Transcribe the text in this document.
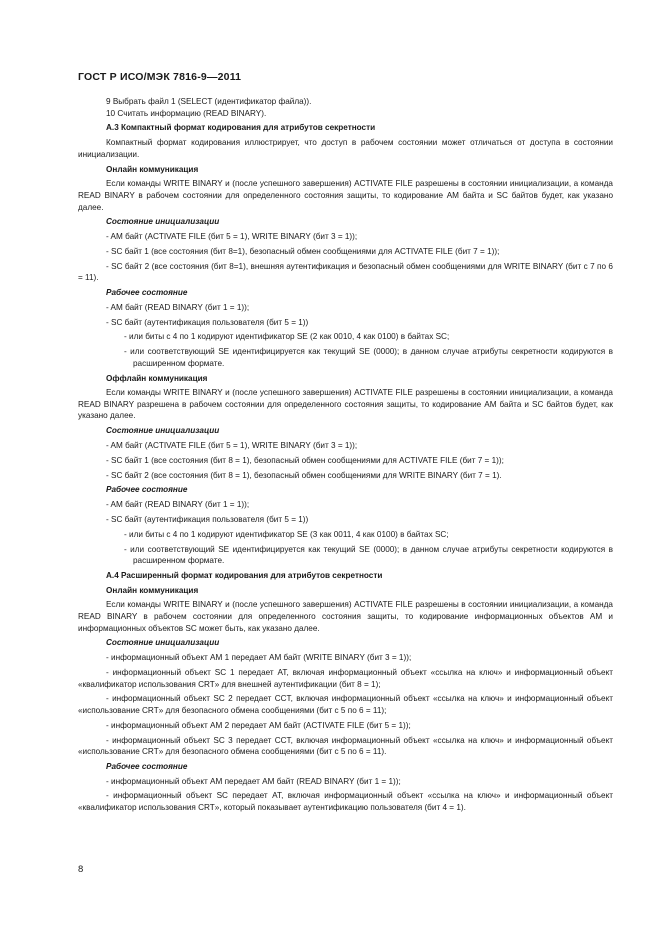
ГОСТ Р ИСО/МЭК 7816-9—2011

9 Выбрать файл 1 (SELECT (идентификатор файла)).

10 Считать информацию (READ BINARY).

А.3 Компактный формат кодирования для атрибутов секретности

Компактный формат кодирования иллюстрирует, что доступ в рабочем состоянии может отличаться от доступа в состоянии инициализации.

Онлайн коммуникация

Если команды WRITE BINARY и (после успешного завершения) ACTIVATE FILE разрешены в состоянии инициализации, а команда READ BINARY в рабочем состоянии для определенного состояния защиты, то кодирование AM байта и SC байтов будет, как указано далее.

Состояние инициализации

- AM байт (ACTIVATE FILE (бит 5 = 1), WRITE BINARY (бит 3 = 1));

- SC байт 1 (все состояния (бит 8=1), безопасный обмен сообщениями для ACTIVATE FILE (бит 7 = 1));

- SC байт 2 (все состояния (бит 8=1), внешняя аутентификация и безопасный обмен сообщениями для WRITE BINARY (бит с 7 по 6 = 11).

Рабочее состояние

- AM байт (READ BINARY (бит 1 = 1));

- SC байт (аутентификация пользователя (бит 5 = 1))

- или биты с 4 по 1 кодируют идентификатор SE (2 как 0010, 4 как 0100) в байтах SC;

- или соответствующий SE идентифицируется как текущий SE (0000); в данном случае атрибуты секретности кодируются в расширенном формате.

Оффлайн коммуникация

Если команды WRITE BINARY и (после успешного завершения) ACTIVATE FILE разрешены в состоянии инициализации, а команда READ BINARY разрешена в рабочем состоянии для определенного состояния защиты, то кодирование AM байта и SC байтов будет, как указано далее.

Состояние инициализации

- AM байт (ACTIVATE FILE (бит 5 = 1), WRITE BINARY (бит 3 = 1));

- SC байт 1 (все состояния (бит 8 = 1), безопасный обмен сообщениями для ACTIVATE FILE (бит 7 = 1));

- SC байт 2 (все состояния (бит 8 = 1), безопасный обмен сообщениями для WRITE BINARY (бит 7 = 1).

Рабочее состояние

- AM байт (READ BINARY (бит 1 = 1));

- SC байт (аутентификация пользователя (бит 5 = 1))

- или биты с 4 по 1 кодируют идентификатор SE (3 как 0011, 4 как 0100) в байтах SC;

- или соответствующий SE идентифицируется как текущий SE (0000); в данном случае атрибуты секретности кодируются в расширенном формате.

А.4 Расширенный формат кодирования для атрибутов секретности

Онлайн коммуникация

Если команды WRITE BINARY и (после успешного завершения) ACTIVATE FILE разрешены в состоянии инициализации, а команда READ BINARY в рабочем состоянии для определенного состояния защиты, то кодирование информационных объектов AM и информационных объектов SC может быть, как указано далее.

Состояние инициализации

- информационный объект AM 1 передает AM байт (WRITE BINARY (бит 3 = 1));

- информационный объект SC 1 передает AT, включая информационный объект «ссылка на ключ» и информационный объект «квалификатор использования CRT» для внешней аутентификации (бит 8 = 1);

- информационный объект SC 2 передает CCT, включая информационный объект «ссылка на ключ» и информационный объект «использование CRT» для безопасного обмена сообщениями (бит с 5 по 6 = 11);

- информационный объект AM 2 передает AM байт (ACTIVATE FILE (бит 5 = 1));

- информационный объект SC 3 передает CCT, включая информационный объект «ссылка на ключ» и информационный объект «использование CRT» для безопасного обмена сообщениями (бит с 5 по 6 = 11).

Рабочее состояние

- информационный объект AM передает AM байт (READ BINARY (бит 1 = 1));

- информационный объект SC передает AT, включая информационный объект «ссылка на ключ» и информационный объект «квалификатор использования CRT», который показывает аутентификацию пользователя (бит 4 = 1).

8
